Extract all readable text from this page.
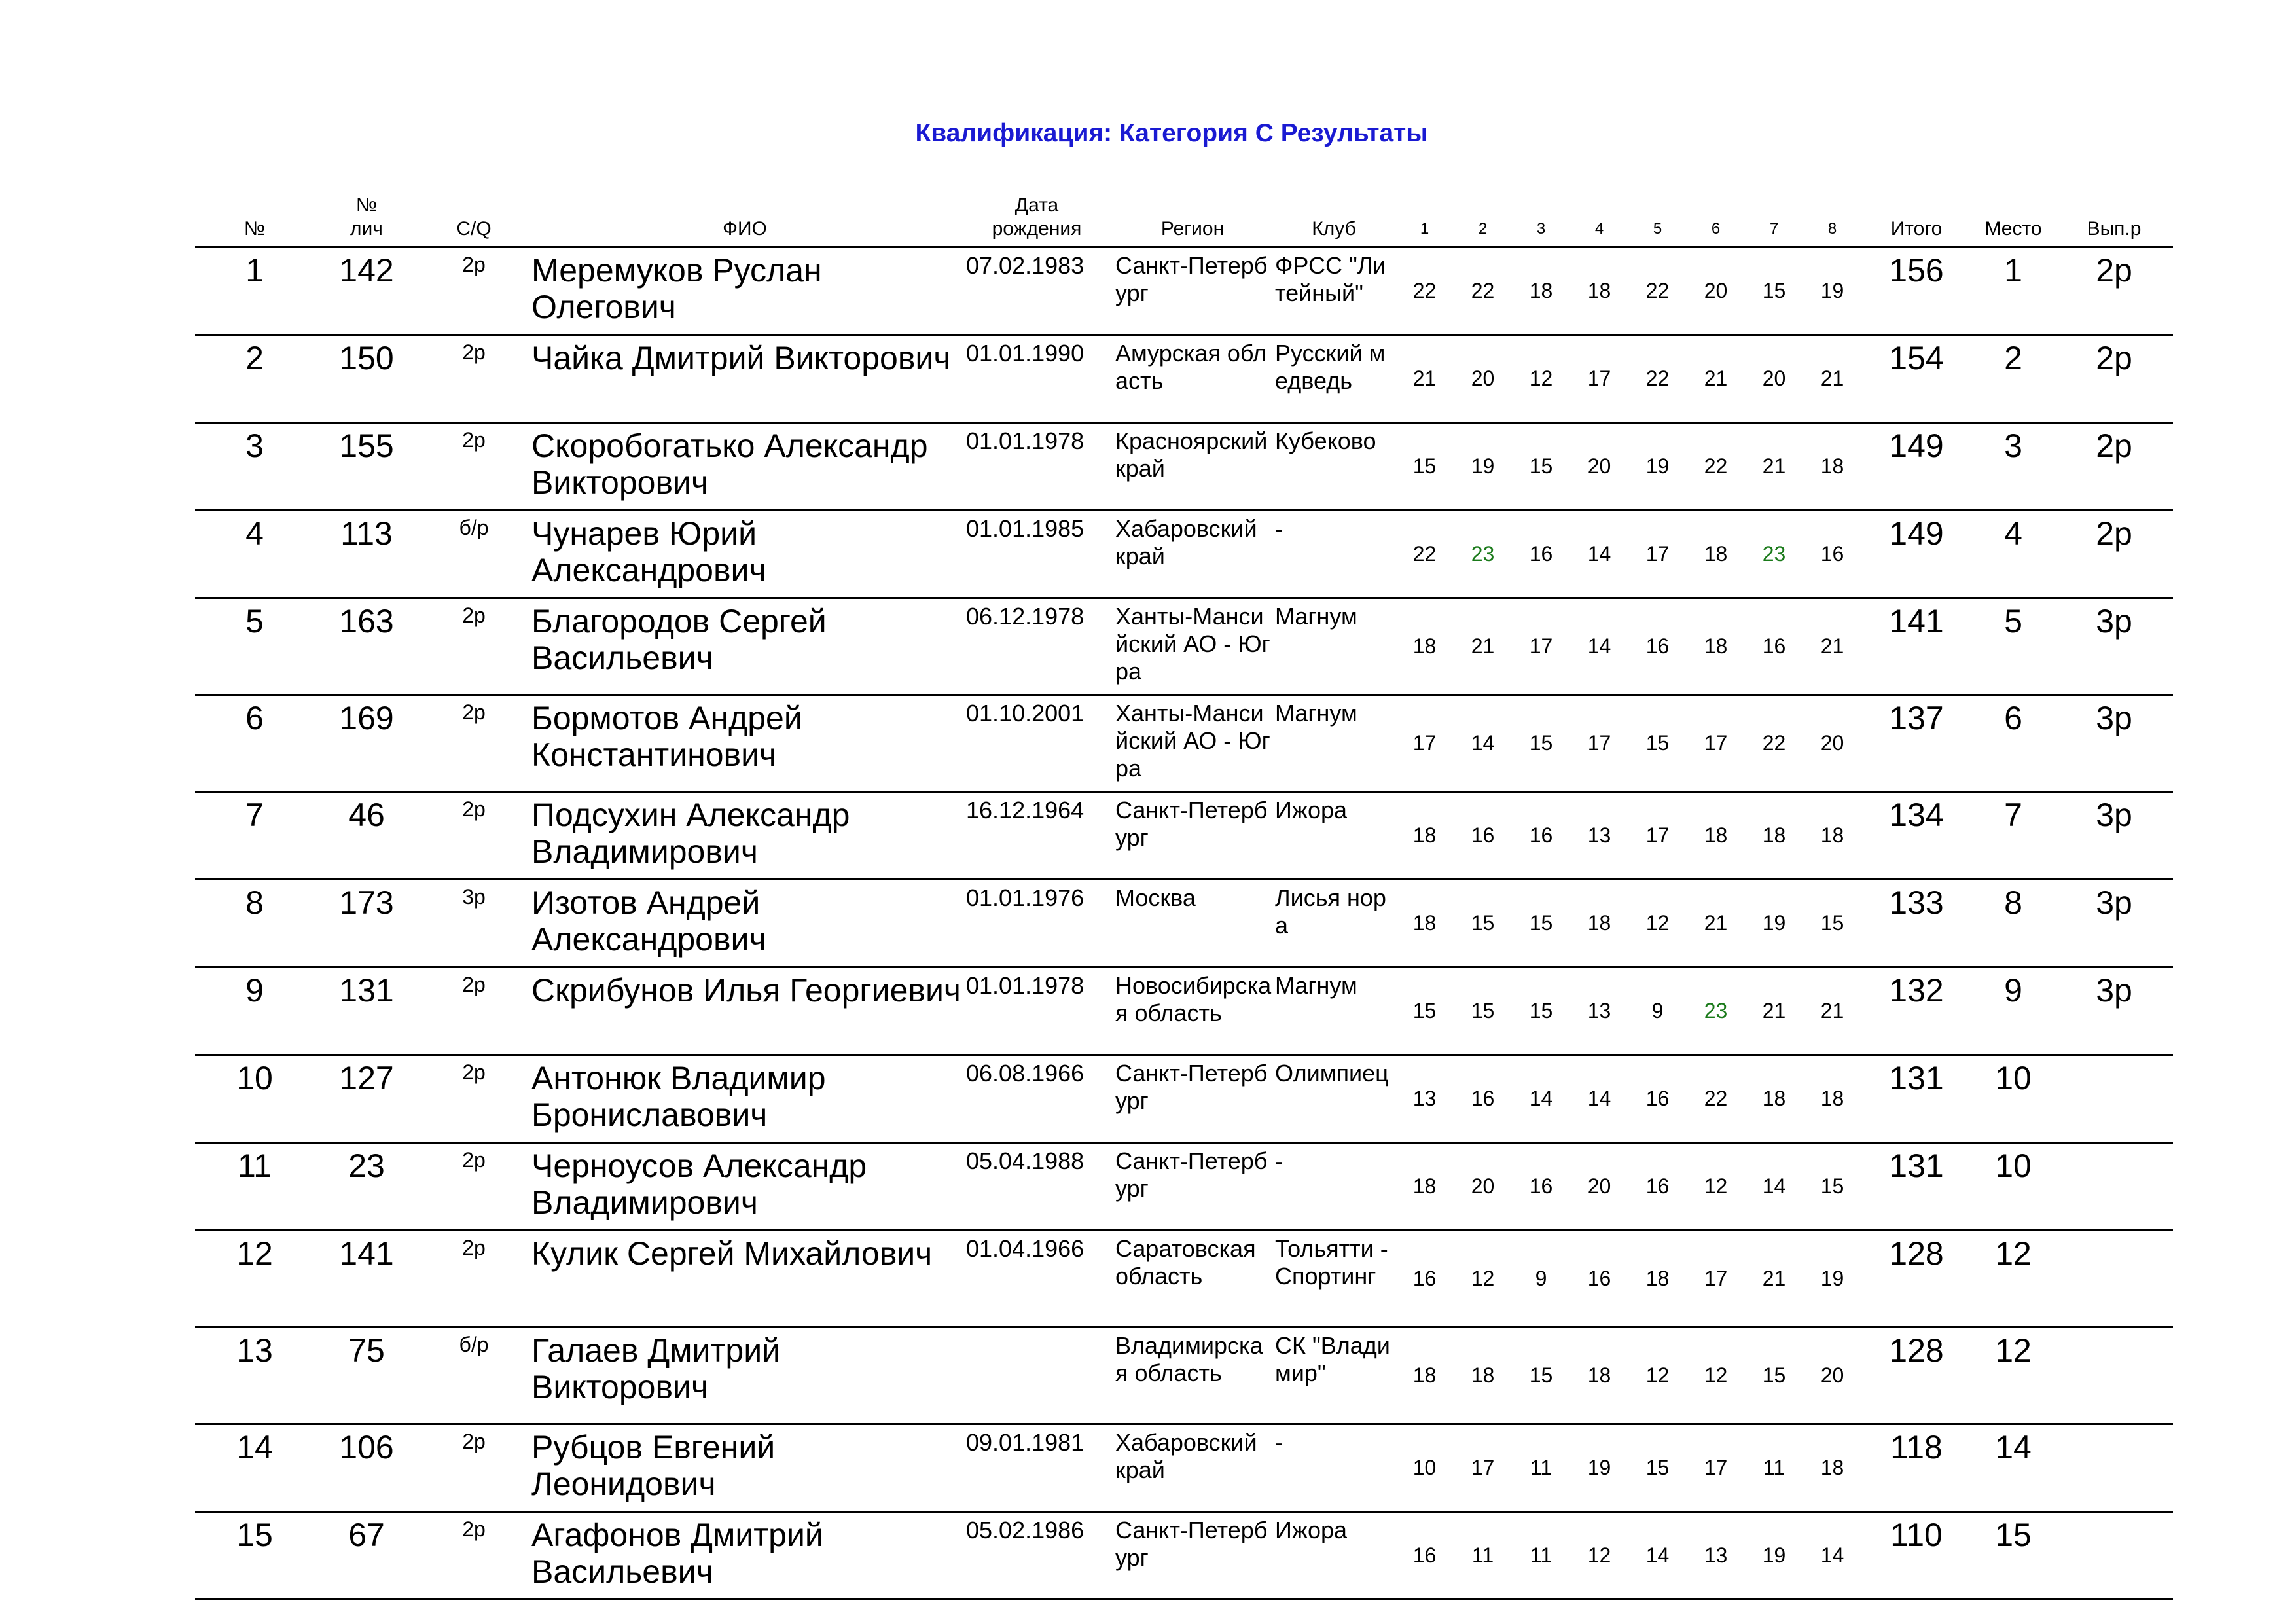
Квалификация: Категория С Результаты
№	№
лич	C/Q	ФИО	Дата
рождения	Регион	Клуб	1	2	3	4	5	6	7	8	Итого	Место	Вып.р
1	142	2р	Меремуков Руслан Олегович	07.02.1983	Санкт-Петербург	ФРСС "Литейный"	22	22	18	18	22	20	15	19	156	1	2р
2	150	2р	Чайка Дмитрий Викторович	01.01.1990	Амурская область	Русский медведь	21	20	12	17	22	21	20	21	154	2	2р
3	155	2р	Скоробогатько Александр Викторович	01.01.1978	Красноярский край	Кубеково	15	19	15	20	19	22	21	18	149	3	2р
4	113	б/р	Чунарев Юрий Александрович	01.01.1985	Хабаровский край	-	22	23	16	14	17	18	23	16	149	4	2р
5	163	2р	Благородов Сергей Васильевич	06.12.1978	Ханты-Мансийский АО - Югра	Магнум	18	21	17	14	16	18	16	21	141	5	3р
6	169	2р	Бормотов Андрей Константинович	01.10.2001	Ханты-Мансийский АО - Югра	Магнум	17	14	15	17	15	17	22	20	137	6	3р
7	46	2р	Подсухин Александр Владимирович	16.12.1964	Санкт-Петербург	Ижора	18	16	16	13	17	18	18	18	134	7	3р
8	173	3р	Изотов Андрей Александрович	01.01.1976	Москва	Лисья нора	18	15	15	18	12	21	19	15	133	8	3р
9	131	2р	Скрибунов Илья Георгиевич	01.01.1978	Новосибирская область	Магнум	15	15	15	13	9	23	21	21	132	9	3р
10	127	2р	Антонюк Владимир Брониславович	06.08.1966	Санкт-Петербург	Олимпиец	13	16	14	14	16	22	18	18	131	10	
11	23	2р	Черноусов Александр Владимирович	05.04.1988	Санкт-Петербург	-	18	20	16	20	16	12	14	15	131	10	
12	141	2р	Кулик Сергей Михайлович	01.04.1966	Саратовская область	Тольятти - Спортинг	16	12	9	16	18	17	21	19	128	12	
13	75	б/р	Галаев Дмитрий Викторович		Владимирская область	СК "Владимир"	18	18	15	18	12	12	15	20	128	12	
14	106	2р	Рубцов Евгений Леонидович	09.01.1981	Хабаровский край	-	10	17	11	19	15	17	11	18	118	14	
15	67	2р	Агафонов Дмитрий Васильевич	05.02.1986	Санкт-Петербург	Ижора	16	11	11	12	14	13	19	14	110	15	
